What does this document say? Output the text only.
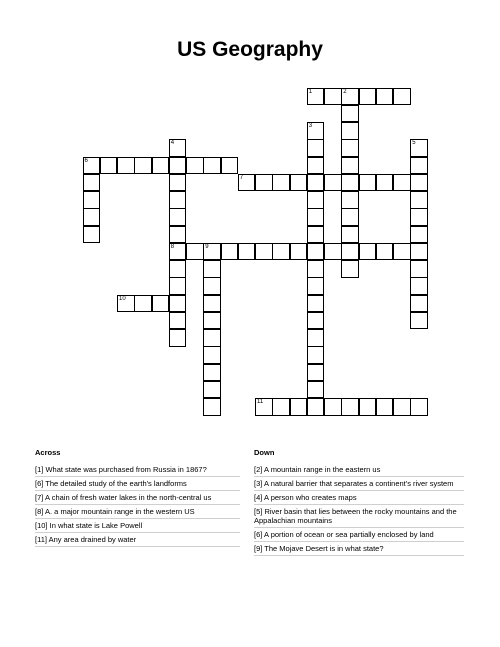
US Geography
1	2
3
4
8
5
6
7
9
10
11
Across
[1] What state was purchased from Russia in 1867?
[6] The detailed study of the earth's landforms
[7] A chain of fresh water lakes in the north-central us
[8] A. a major mountain range in the western US
[10] In what state is Lake Powell
[11] Any area drained by water
Down
[2] A mountain range in the eastern us
[3] A natural barrier that separates a continent's river system
[4] A person who creates maps
[5] River basin that lies between the rocky mountains and the Appalachian mountains
[6] A portion of ocean or sea partially enclosed by land
[9] The Mojave Desert is in what state?
